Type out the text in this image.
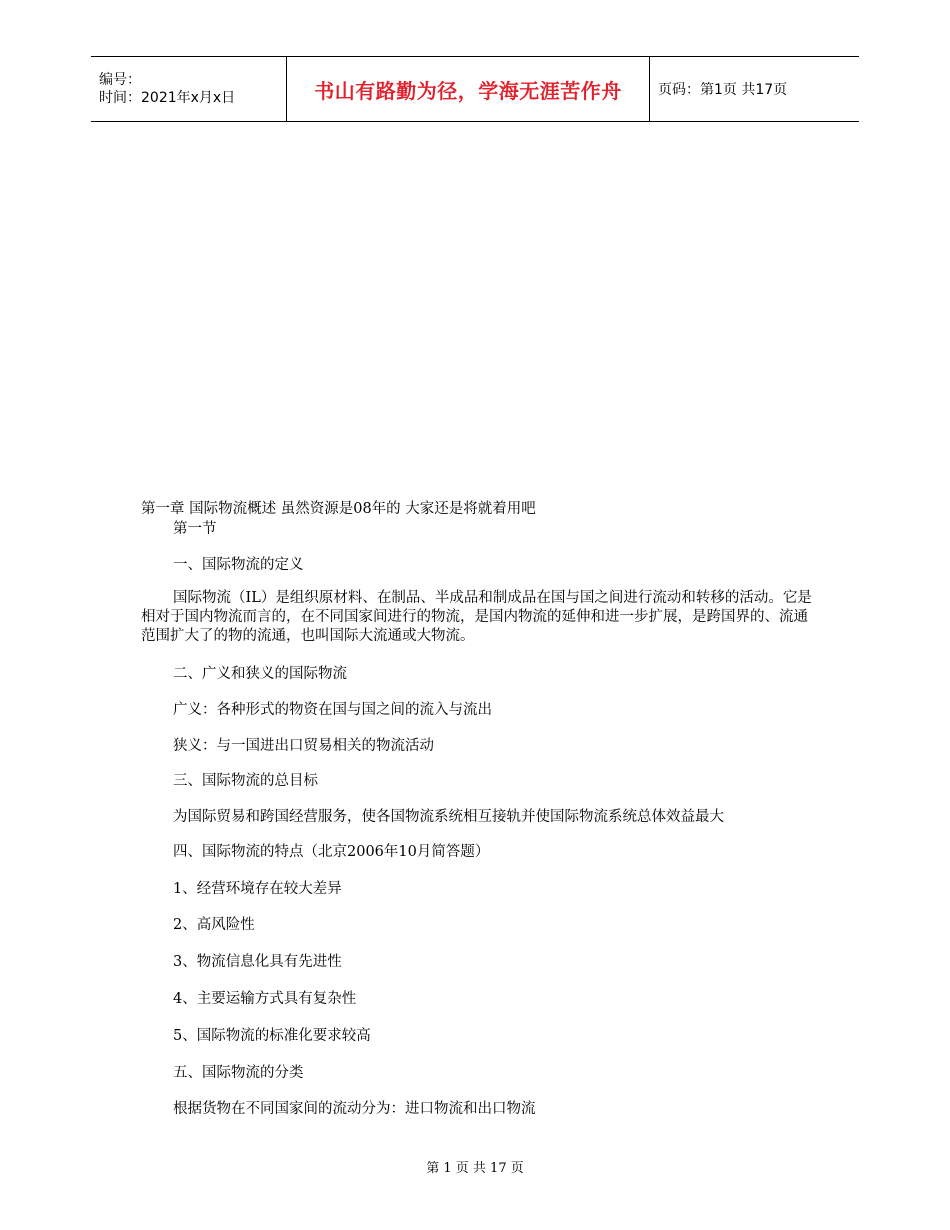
编号：
时间：2021年x月x日	书山有路勤为径，学海无涯苦作舟	页码：第1页 共17页
第一章 国际物流概述 虽然资源是08年的 大家还是将就着用吧
第一节
一、国际物流的定义
国际物流（IL）是组织原材料、在制品、半成品和制成品在国与国之间进行流动和转移的活动。它是相对于国内物流而言的，在不同国家间进行的物流，是国内物流的延伸和进一步扩展，是跨国界的、流通范围扩大了的物的流通，也叫国际大流通或大物流。
二、广义和狭义的国际物流
广义：各种形式的物资在国与国之间的流入与流出
狭义：与一国进出口贸易相关的物流活动
三、国际物流的总目标
为国际贸易和跨国经营服务，使各国物流系统相互接轨并使国际物流系统总体效益最大
四、国际物流的特点（北京2006年10月简答题）
1、经营环境存在较大差异
2、高风险性
3、物流信息化具有先进性
4、主要运输方式具有复杂性
5、国际物流的标准化要求较高
五、国际物流的分类
根据货物在不同国家间的流动分为：进口物流和出口物流
第 1 页 共 17 页
